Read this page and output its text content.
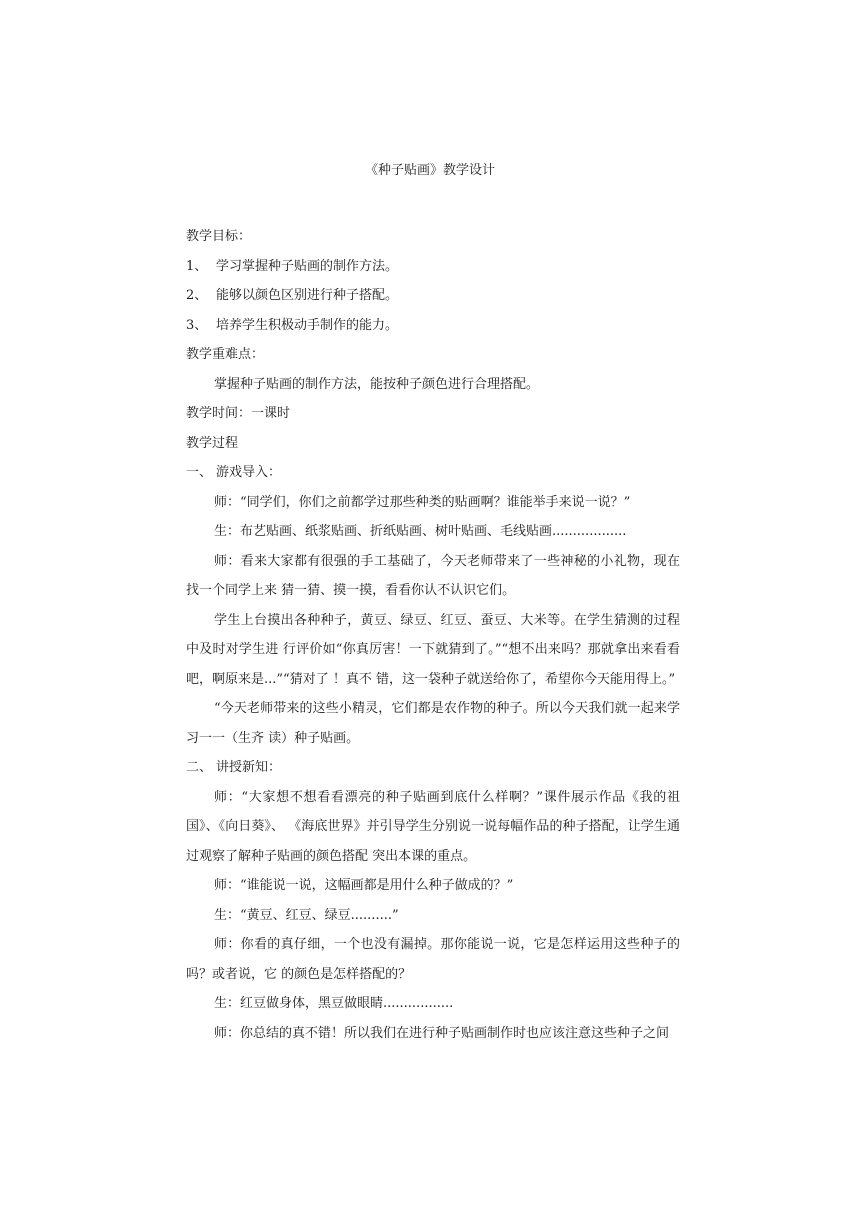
《种子贴画》教学设计
教学目标：
1、 学习掌握种子贴画的制作方法。
2、 能够以颜色区别进行种子搭配。
3、 培养学生积极动手制作的能力。
教学重难点：
掌握种子贴画的制作方法，能按种子颜色进行合理搭配。
教学时间：一课时
教学过程
一、 游戏导入：
师：“同学们，你们之前都学过那些种类的贴画啊？谁能举手来说一说？”
生：布艺贴画、纸浆贴画、折纸贴画、树叶贴画、毛线贴画..................
师：看来大家都有很强的手工基础了，今天老师带来了一些神秘的小礼物，现在找一个同学上来 猜一猜、摸一摸，看看你认不认识它们。
学生上台摸出各种种子，黄豆、绿豆、红豆、蚕豆、大米等。在学生猜测的过程中及时对学生进 行评价如“你真厉害！一下就猜到了。”“想不出来吗？那就拿出来看看吧，啊原来是...”“猜对了 ！真不 错，这一袋种子就送给你了，希望你今天能用得上。”
“今天老师带来的这些小精灵，它们都是农作物的种子。所以今天我们就一起来学习一一（生齐 读）种子贴画。
二、 讲授新知：
师：“大家想不想看看漂亮的种子贴画到底什么样啊？”课件展示作品《我的祖国》、《向日葵》、 《海底世界》并引导学生分别说一说每幅作品的种子搭配，让学生通过观察了解种子贴画的颜色搭配 突出本课的重点。
师：“谁能说一说，这幅画都是用什么种子做成的？”
生：“黄豆、红豆、绿豆..........”
师：你看的真仔细，一个也没有漏掉。那你能说一说，它是怎样运用这些种子的吗？或者说，它 的颜色是怎样搭配的？
生：红豆做身体，黑豆做眼睛.................
师：你总结的真不错！所以我们在进行种子贴画制作时也应该注意这些种子之间
